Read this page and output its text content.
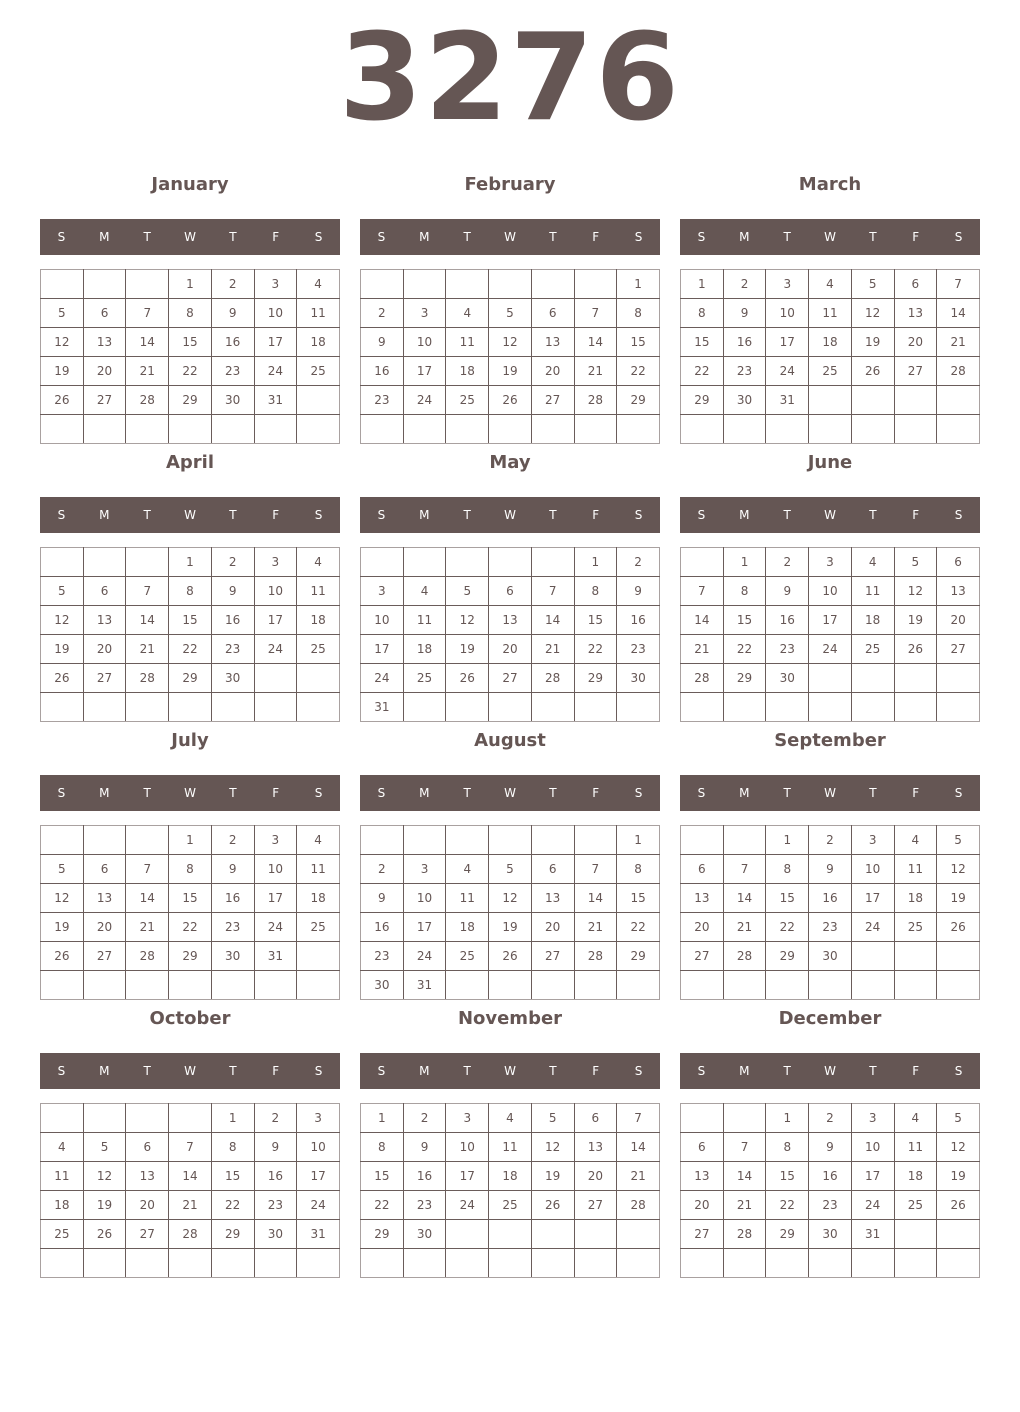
3276
January
S	M	T	W	T	F	S
			1	2	3	4
5	6	7	8	9	10	11
12	13	14	15	16	17	18
19	20	21	22	23	24	25
26	27	28	29	30	31	

February
S	M	T	W	T	F	S
						1
2	3	4	5	6	7	8
9	10	11	12	13	14	15
16	17	18	19	20	21	22
23	24	25	26	27	28	29

March
S	M	T	W	T	F	S
1	2	3	4	5	6	7
8	9	10	11	12	13	14
15	16	17	18	19	20	21
22	23	24	25	26	27	28
29	30	31				

April
S	M	T	W	T	F	S
			1	2	3	4
5	6	7	8	9	10	11
12	13	14	15	16	17	18
19	20	21	22	23	24	25
26	27	28	29	30		

May
S	M	T	W	T	F	S
					1	2
3	4	5	6	7	8	9
10	11	12	13	14	15	16
17	18	19	20	21	22	23
24	25	26	27	28	29	30
31						
June
S	M	T	W	T	F	S
	1	2	3	4	5	6
7	8	9	10	11	12	13
14	15	16	17	18	19	20
21	22	23	24	25	26	27
28	29	30				

July
S	M	T	W	T	F	S
			1	2	3	4
5	6	7	8	9	10	11
12	13	14	15	16	17	18
19	20	21	22	23	24	25
26	27	28	29	30	31	

August
S	M	T	W	T	F	S
						1
2	3	4	5	6	7	8
9	10	11	12	13	14	15
16	17	18	19	20	21	22
23	24	25	26	27	28	29
30	31					
September
S	M	T	W	T	F	S
		1	2	3	4	5
6	7	8	9	10	11	12
13	14	15	16	17	18	19
20	21	22	23	24	25	26
27	28	29	30			

October
S	M	T	W	T	F	S
				1	2	3
4	5	6	7	8	9	10
11	12	13	14	15	16	17
18	19	20	21	22	23	24
25	26	27	28	29	30	31

November
S	M	T	W	T	F	S
1	2	3	4	5	6	7
8	9	10	11	12	13	14
15	16	17	18	19	20	21
22	23	24	25	26	27	28
29	30					

December
S	M	T	W	T	F	S
		1	2	3	4	5
6	7	8	9	10	11	12
13	14	15	16	17	18	19
20	21	22	23	24	25	26
27	28	29	30	31		
